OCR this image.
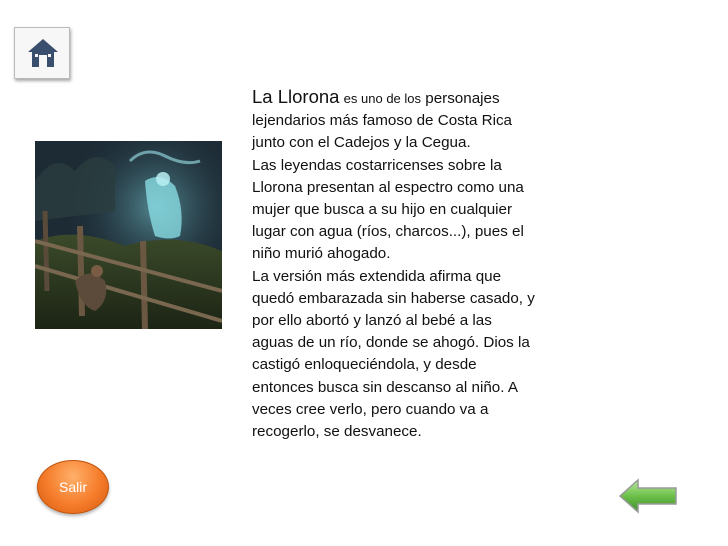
La Llorona es uno de los personajes lejendarios más famoso de Costa Rica junto con el Cadejos y la Cegua.

Las leyendas costarricenses sobre la Llorona presentan al espectro como una mujer que busca a su hijo en cualquier lugar con agua (ríos, charcos...), pues el niño murió ahogado.

La versión más extendida afirma que quedó embarazada sin haberse casado, y por ello abortó y lanzó al bebé a las aguas de un río, donde se ahogó. Dios la castigó enloqueciéndola, y desde entonces busca sin descanso al niño. A veces cree verlo, pero cuando va a recogerlo, se desvanece.

Salir
